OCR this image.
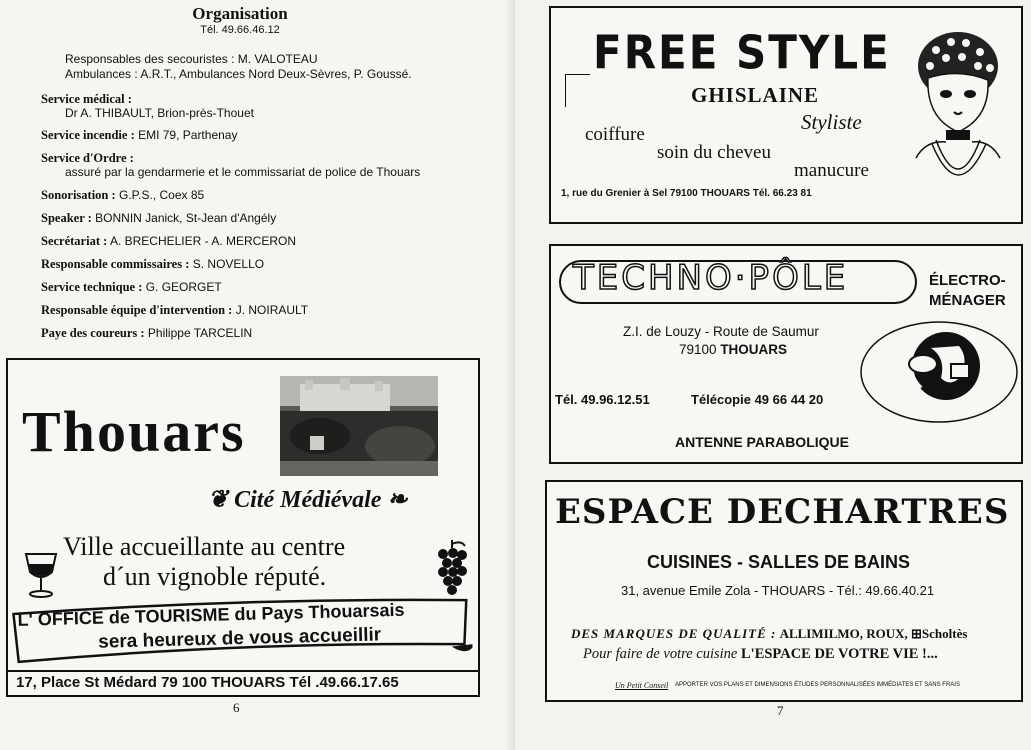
Organisation
Tél. 49.66.46.12
Responsables des secouristes : M. VALOTEAU
Ambulances : A.R.T., Ambulances Nord Deux-Sèvres, P. Goussé.
Service médical :
Dr A. THIBAULT, Brion-près-Thouet
Service incendie : EMI 79, Parthenay
Service d'Ordre :
assuré par la gendarmerie et le commissariat de police de Thouars
Sonorisation : G.P.S., Coex 85
Speaker : BONNIN Janick, St-Jean d'Angély
Secrétariat : A. BRECHELIER - A. MERCERON
Responsable commissaires : S. NOVELLO
Service technique : G. GEORGET
Responsable équipe d'intervention : J. NOIRAULT
Paye des coureurs : Philippe TARCELIN
Thouars
❦ Cité Médiévale ❧
Ville accueillante au centre
d´un vignoble réputé.
L' OFFICE de TOURISME du Pays Thouarsais
sera heureux de vous accueillir
17, Place St Médard 79 100 THOUARS Tél .49.66.17.65
6
FREE STYLE
GHISLAINE
Styliste
coiffure
soin du cheveu
manucure
1, rue du Grenier à Sel 79100 THOUARS Tél. 66.23 81
TECHNO·PÔLE	ÉLECTRO-
MÉNAGER
Z.I. de Louzy - Route de Saumur
79100 THOUARS
Tél. 49.96.12.51	Télécopie 49 66 44 20
ANTENNE PARABOLIQUE
ESPACE DECHARTRES
CUISINES - SALLES DE BAINS
31, avenue Emile Zola - THOUARS - Tél.: 49.66.40.21
DES MARQUES DE QUALITÉ : ALLIMILMO, ROUX, ⊞Scholtès
Pour faire de votre cuisine L'ESPACE DE VOTRE VIE !...
Un Petit Conseil APPORTER VOS PLANS ET DIMENSIONS ÉTUDES PERSONNALISÉES IMMÉDIATES ET SANS FRAIS
7
